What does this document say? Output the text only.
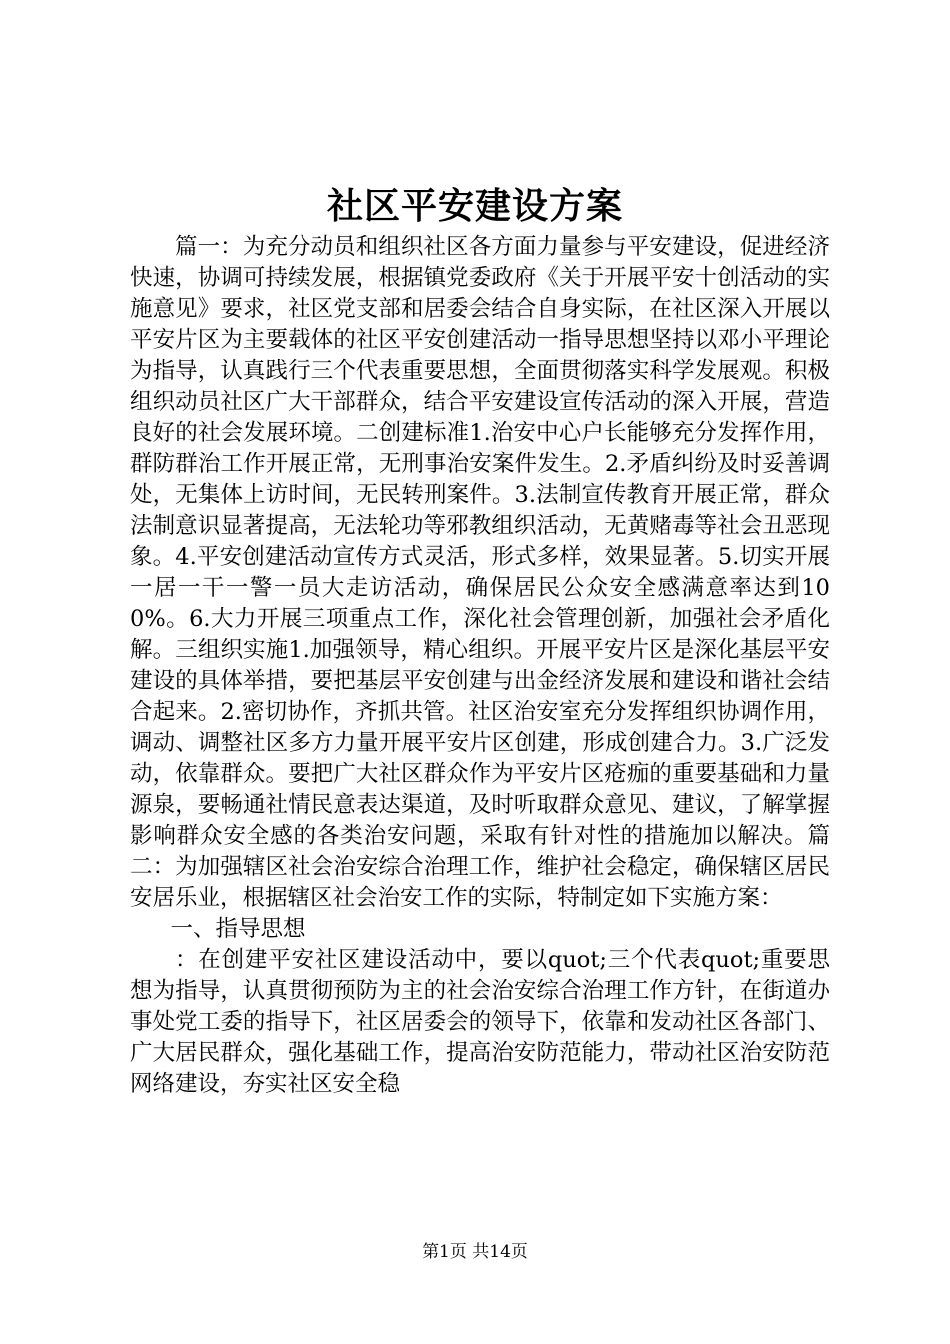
社区平安建设方案

篇一：为充分动员和组织社区各方面力量参与平安建设，促进经济快速，协调可持续发展，根据镇党委政府《关于开展平安十创活动的实施意见》要求，社区党支部和居委会结合自身实际，在社区深入开展以平安片区为主要载体的社区平安创建活动一指导思想坚持以邓小平理论为指导，认真践行三个代表重要思想，全面贯彻落实科学发展观。积极组织动员社区广大干部群众，结合平安建设宣传活动的深入开展，营造良好的社会发展环境。二创建标准1.治安中心户长能够充分发挥作用，群防群治工作开展正常，无刑事治安案件发生。2.矛盾纠纷及时妥善调处，无集体上访时间，无民转刑案件。3.法制宣传教育开展正常，群众法制意识显著提高，无法轮功等邪教组织活动，无黄赌毒等社会丑恶现象。4.平安创建活动宣传方式灵活，形式多样，效果显著。5.切实开展一居一干一警一员大走访活动，确保居民公众安全感满意率达到100%。6.大力开展三项重点工作，深化社会管理创新，加强社会矛盾化解。三组织实施1.加强领导，精心组织。开展平安片区是深化基层平安建设的具体举措，要把基层平安创建与出金经济发展和建设和谐社会结合起来。2.密切协作，齐抓共管。社区治安室充分发挥组织协调作用，调动、调整社区多方力量开展平安片区创建，形成创建合力。3.广泛发动，依靠群众。要把广大社区群众作为平安片区疮痂的重要基础和力量源泉，要畅通社情民意表达渠道，及时听取群众意见、建议，了解掌握影响群众安全感的各类治安问题，采取有针对性的措施加以解决。篇二：为加强辖区社会治安综合治理工作，维护社会稳定，确保辖区居民安居乐业，根据辖区社会治安工作的实际，特制定如下实施方案：

一、指导思想

：在创建平安社区建设活动中，要以quot;三个代表quot;重要思想为指导，认真贯彻预防为主的社会治安综合治理工作方针，在街道办事处党工委的指导下，社区居委会的领导下，依靠和发动社区各部门、广大居民群众，强化基础工作，提高治安防范能力，带动社区治安防范网络建设，夯实社区安全稳

第1页 共14页
